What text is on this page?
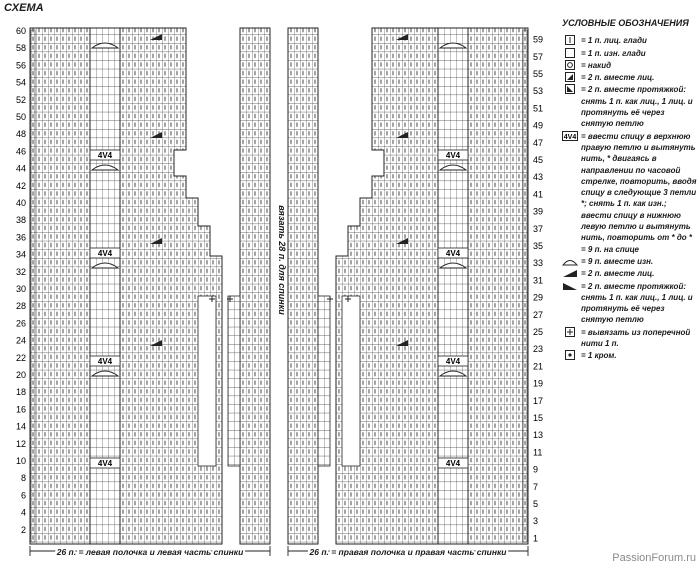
4V4
4V4
4V4
4V4
4V4
4V4
4V4
4V4
60
58
56
54
52
50
48
46
44
42
40
38
36
34
32
30
28
26
24
22
20
18
16
14
12
10
8
6
4
2
59
57
55
53
51
49
47
45
43
41
39
37
35
33
31
29
27
25
23
21
19
17
15
13
11
9
7
5
3
1
вязать 28 п. для спинки
26 п. = левая полочка и левая часть спинки	26 п. = правая полочка и правая часть спинки
СХЕМА
УСЛОВНЫЕ ОБОЗНАЧЕНИЯ
= 1 п. лиц. глади
= 1 п. изн. глади
= накид
= 2 п. вместе лиц.
= 2 п. вместе протяжкой: снять 1 п. как лиц., 1 лиц. и протянуть её через снятую петлю
4V4 = ввести спицу в верхнюю правую петлю и вытянуть нить, * двигаясь в направлении по часовой стрелке, повторить, вводя спицу в следующие 3 петли *; снять 1 п. как изн.; ввести спицу в нижнюю левую петлю и вытянуть нить, повторить от * до * = 9 п. на спице
= 9 п. вместе изн.
= 2 п. вместе лиц.
= 2 п. вместе протяжкой: снять 1 п. как лиц., 1 лиц. и протянуть её через снятую петлю
= вывязать из поперечной нити 1 п.
= 1 кром.
PassionForum.ru
